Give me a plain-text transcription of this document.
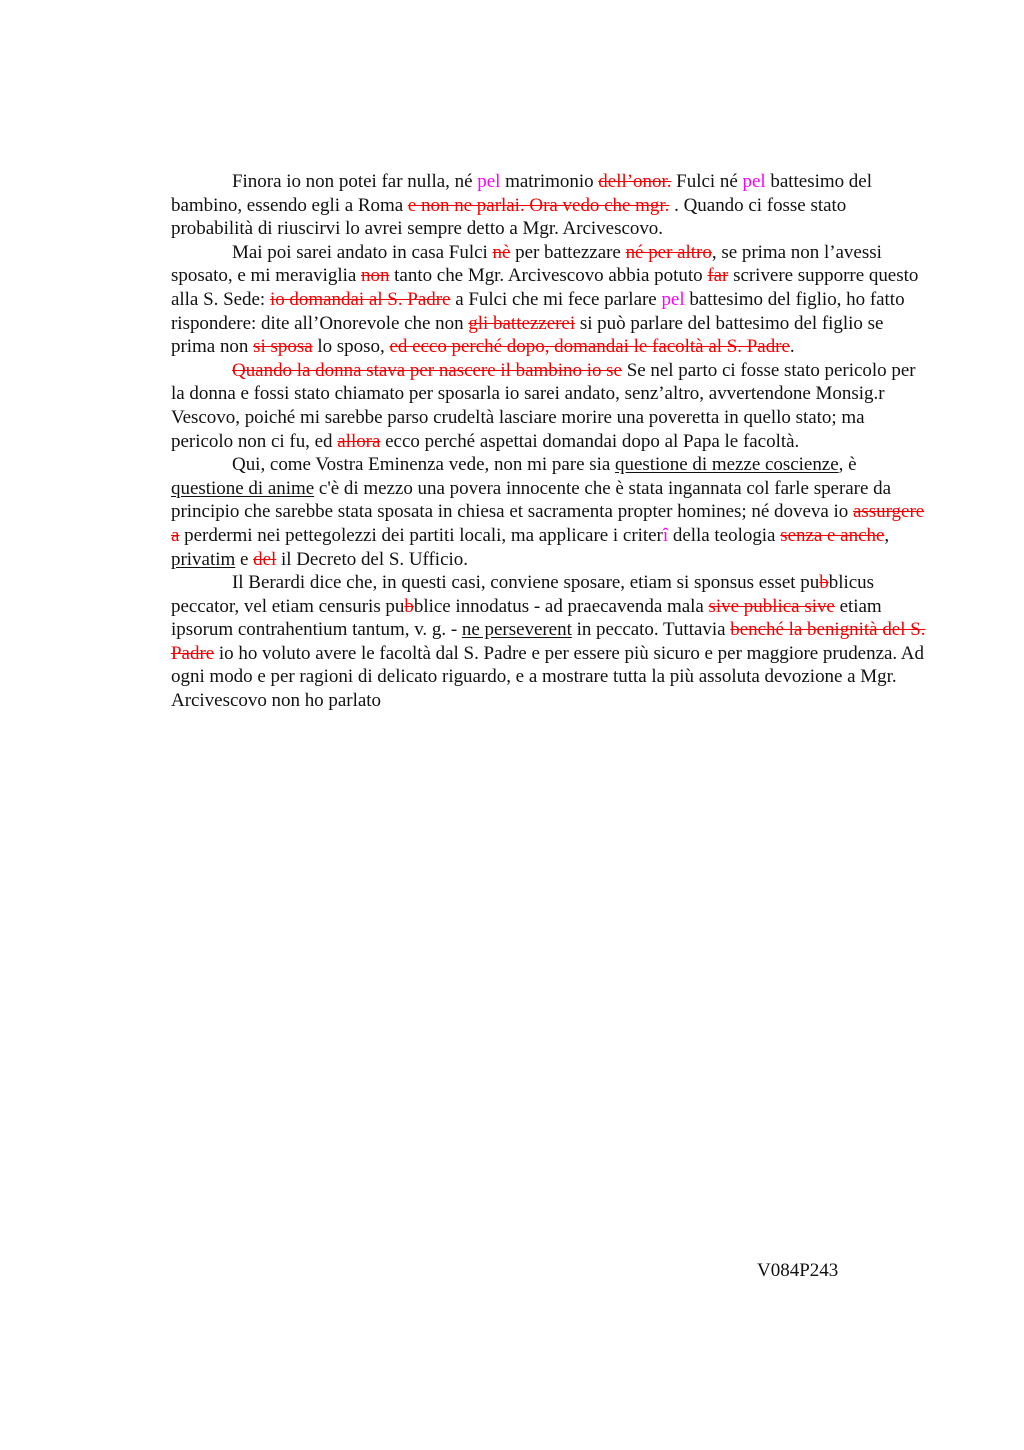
Finora io non potei far nulla, né pel matrimonio dell’onor. Fulci né pel battesimo del bambino, essendo egli a Roma e non ne parlai. Ora vedo che mgr. . Quando ci fosse stato probabilità di riuscirvi lo avrei sempre detto a Mgr. Arcivescovo.

Mai poi sarei andato in casa Fulci nè per battezzare né per altro, se prima non l’avessi sposato, e mi meraviglia non tanto che Mgr. Arcivescovo abbia potuto far scrivere supporre questo alla S. Sede: io domandai al S. Padre a Fulci che mi fece parlare pel battesimo del figlio, ho fatto rispondere: dite all’Onorevole che non gli battezzerei si può parlare del battesimo del figlio se prima non si sposa lo sposo, ed ecco perché dopo, domandai le facoltà al S. Padre.

Quando la donna stava per nascere il bambino io se Se nel parto ci fosse stato pericolo per la donna e fossi stato chiamato per sposarla io sarei andato, senz’altro, avvertendone Monsig.r Vescovo, poiché mi sarebbe parso crudeltà lasciare morire una poveretta in quello stato; ma pericolo non ci fu, ed allora ecco perché aspettai domandai dopo al Papa le facoltà.

Qui, come Vostra Eminenza vede, non mi pare sia questione di mezze coscienze, è questione di anime c'è di mezzo una povera innocente che è stata ingannata col farle sperare da principio che sarebbe stata sposata in chiesa et sacramenta propter homines; né doveva io assurgere a perdermi nei pettegolezzi dei partiti locali, ma applicare i criterî della teologia senza e anche, privatim e del il Decreto del S. Ufficio.

Il Berardi dice che, in questi casi, conviene sposare, etiam si sponsus esset pubblicus peccator, vel etiam censuris pubblice innodatus - ad praecavenda mala sive publica sive etiam ipsorum contrahentium tantum, v. g. - ne perseverent in peccato. Tuttavia benché la benignità del S. Padre io ho voluto avere le facoltà dal S. Padre e per essere più sicuro e per maggiore prudenza. Ad ogni modo e per ragioni di delicato riguardo, e a mostrare tutta la più assoluta devozione a Mgr. Arcivescovo non ho parlato

V084P243
